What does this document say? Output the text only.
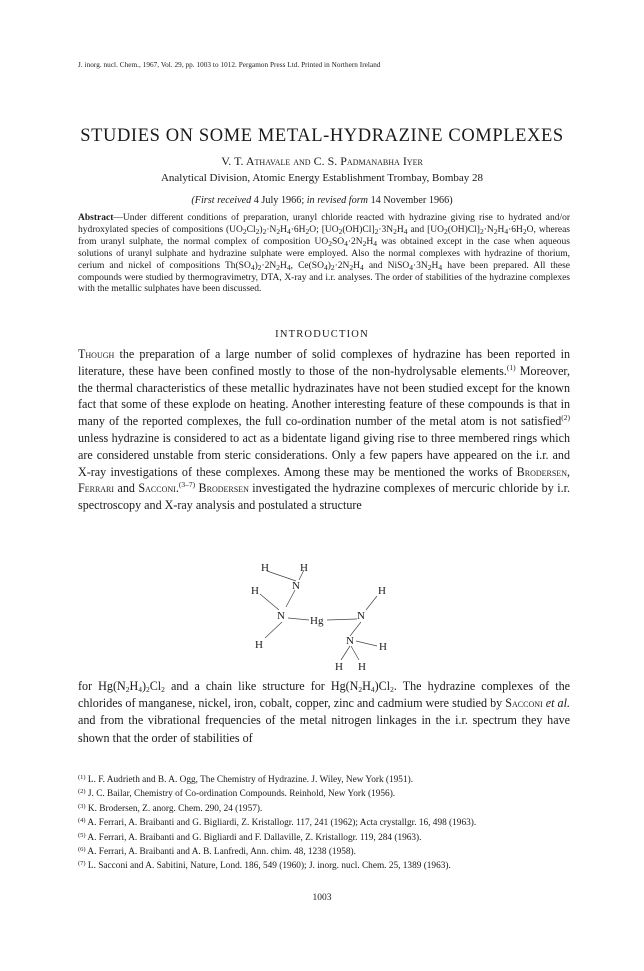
J. inorg. nucl. Chem., 1967, Vol. 29, pp. 1003 to 1012. Pergamon Press Ltd. Printed in Northern Ireland
STUDIES ON SOME METAL-HYDRAZINE COMPLEXES
V. T. Athavale and C. S. Padmanabha Iyer
Analytical Division, Atomic Energy Establishment Trombay, Bombay 28
(First received 4 July 1966; in revised form 14 November 1966)
Abstract—Under different conditions of preparation, uranyl chloride reacted with hydrazine giving rise to hydrated and/or hydroxylated species of compositions $(UO_2Cl_2)_2\cdot N_2H_4\cdot 6H_2O$; $[UO_2(OH)Cl]_2\cdot 3N_2H_4$ and $[UO_2(OH)Cl]_2\cdot N_2H_4\cdot 6H_2O$, whereas from uranyl sulphate, the normal complex of composition $UO_2SO_4\cdot 2N_2H_4$ was obtained except in the case when aqueous solutions of uranyl sulphate and hydrazine sulphate were employed. Also the normal complexes with hydrazine of thorium, cerium and nickel of compositions $Th(SO_4)_2\cdot 2N_2H_4$, $Ce(SO_4)_2\cdot 2N_2H_4$ and $NiSO_4\cdot 3N_2H_4$ have been prepared. All these compounds were studied by thermogravimetry, DTA, X-ray and i.r. analyses. The order of stabilities of the hydrazine complexes with the metallic sulphates have been discussed.
INTRODUCTION
Though the preparation of a large number of solid complexes of hydrazine has been reported in literature, these have been confined mostly to those of the non-hydrolysable elements.$^{(1)}$ Moreover, the thermal characteristics of these metallic hydrazinates have not been studied except for the known fact that some of these explode on heating. Another interesting feature of these compounds is that in many of the reported complexes, the full co-ordination number of the metal atom is not satisfied$^{(2)}$ unless hydrazine is considered to act as a bidentate ligand giving rise to three membered rings which are considered unstable from steric considerations. Only a few papers have appeared on the i.r. and X-ray investigations of these complexes. Among these may be mentioned the works of Brodersen, Ferrari and Sacconi.$^{(3-7)}$ Brodersen investigated the hydrazine complexes of mercuric chloride by i.r. spectroscopy and X-ray analysis and postulated a structure
H	H
N
H	H
N Hg	N
H	N H
H H
for $Hg(N_2H_4)_2Cl_2$ and a chain like structure for $Hg(N_2H_4)Cl_2$. The hydrazine complexes of the chlorides of manganese, nickel, iron, cobalt, copper, zinc and cadmium were studied by Sacconi et al. and from the vibrational frequencies of the metal nitrogen linkages in the i.r. spectrum they have shown that the order of stabilities of
$^{(1)}$ L. F. Audrieth and B. A. Ogg, The Chemistry of Hydrazine. J. Wiley, New York (1951).
$^{(2)}$ J. C. Bailar, Chemistry of Co-ordination Compounds. Reinhold, New York (1956).
$^{(3)}$ K. Brodersen, Z. anorg. Chem. 290, 24 (1957).
$^{(4)}$ A. Ferrari, A. Braibanti and G. Bigliardi, Z. Kristallogr. 117, 241 (1962); Acta crystallgr. 16, 498 (1963).
$^{(5)}$ A. Ferrari, A. Braibanti and G. Bigliardi and F. Dallaville, Z. Kristallogr. 119, 284 (1963).
$^{(6)}$ A. Ferrari, A. Braibanti and A. B. Lanfredi, Ann. chim. 48, 1238 (1958).
$^{(7)}$ L. Sacconi and A. Sabitini, Nature, Lond. 186, 549 (1960); J. inorg. nucl. Chem. 25, 1389 (1963).
1003
